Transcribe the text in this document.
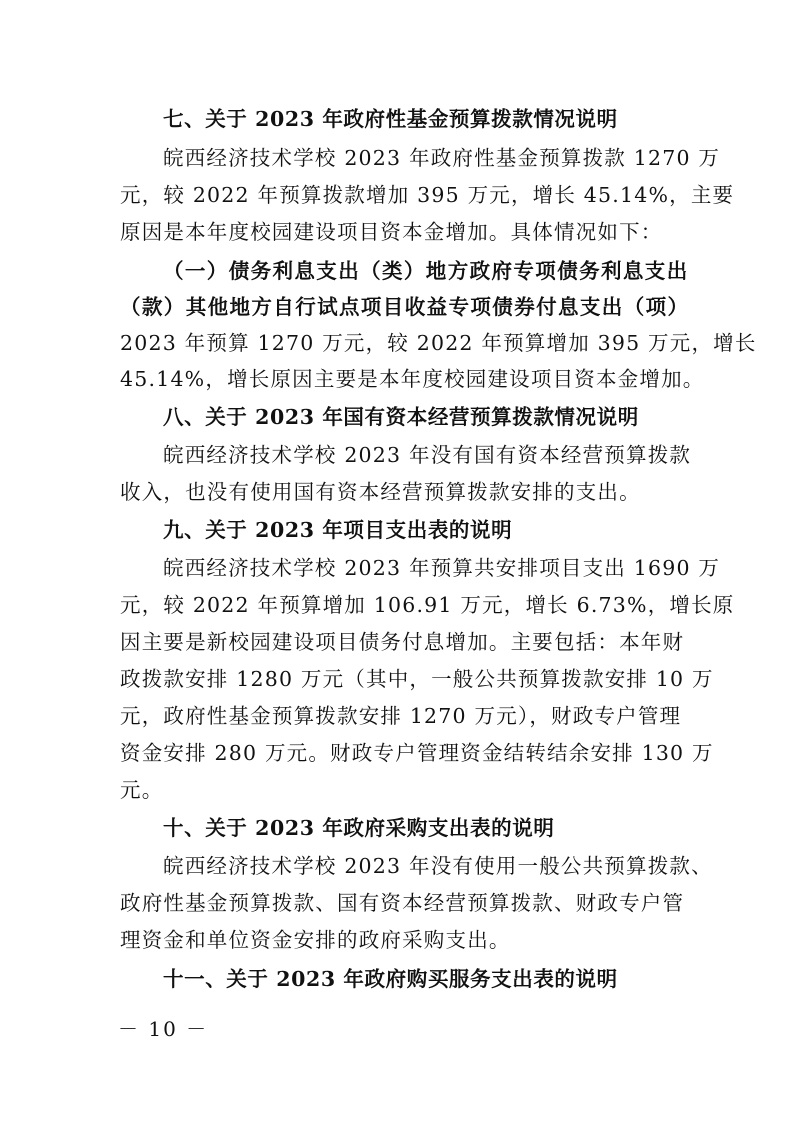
七、关于 2023 年政府性基金预算拨款情况说明
皖西经济技术学校 2023 年政府性基金预算拨款 1270 万
元，较 2022 年预算拨款增加 395 万元，增长 45.14%，主要
原因是本年度校园建设项目资本金增加。具体情况如下：
（一）债务利息支出（类）地方政府专项债务利息支出
（款）其他地方自行试点项目收益专项债券付息支出（项）
2023 年预算 1270 万元，较 2022 年预算增加 395 万元，增长
45.14%，增长原因主要是本年度校园建设项目资本金增加。
八、关于 2023 年国有资本经营预算拨款情况说明
皖西经济技术学校 2023 年没有国有资本经营预算拨款
收入，也没有使用国有资本经营预算拨款安排的支出。
九、关于 2023 年项目支出表的说明
皖西经济技术学校 2023 年预算共安排项目支出 1690 万
元，较 2022 年预算增加 106.91 万元，增长 6.73%，增长原
因主要是新校园建设项目债务付息增加。主要包括：本年财
政拨款安排 1280 万元（其中，一般公共预算拨款安排 10 万
元，政府性基金预算拨款安排 1270 万元），财政专户管理
资金安排 280 万元。财政专户管理资金结转结余安排 130 万
元。
十、关于 2023 年政府采购支出表的说明
皖西经济技术学校 2023 年没有使用一般公共预算拨款、
政府性基金预算拨款、国有资本经营预算拨款、财政专户管
理资金和单位资金安排的政府采购支出。
十一、关于 2023 年政府购买服务支出表的说明
－ 10 －
